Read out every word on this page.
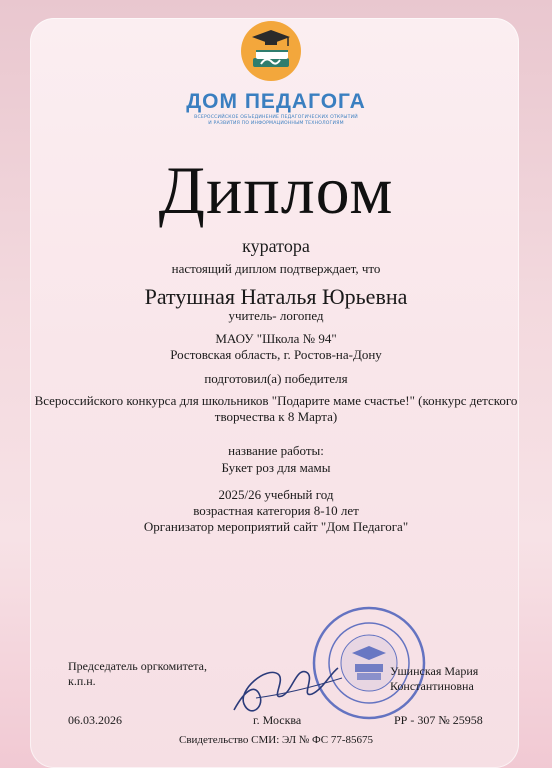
ДОМ ПЕДАГОГА
ВСЕРОССИЙСКОЕ ОБЪЕДИНЕНИЕ ПЕДАГОГИЧЕСКИХ ОТКРЫТИЙ
И РАЗВИТИЯ ПО ИНФОРМАЦИОННЫМ ТЕХНОЛОГИЯМ
Диплом
куратора
настоящий диплом подтверждает, что
Ратушная Наталья Юрьевна
учитель- логопед
МАОУ "Школа № 94"
Ростовская область, г. Ростов-на-Дону
подготовил(а) победителя
Всероссийского конкурса для школьников "Подарите маме счастье!" (конкурс детского
творчества к 8 Марта)
название работы:
Букет роз для мамы
2025/26 учебный год
возрастная категория 8-10 лет
Организатор мероприятий сайт "Дом Педагога"
Председатель оргкомитета,
к.п.н.
Ушинская Мария
Константиновна
06.03.2026	г. Москва	РР - 307 № 25958
Свидетельство СМИ: ЭЛ № ФС 77-85675
